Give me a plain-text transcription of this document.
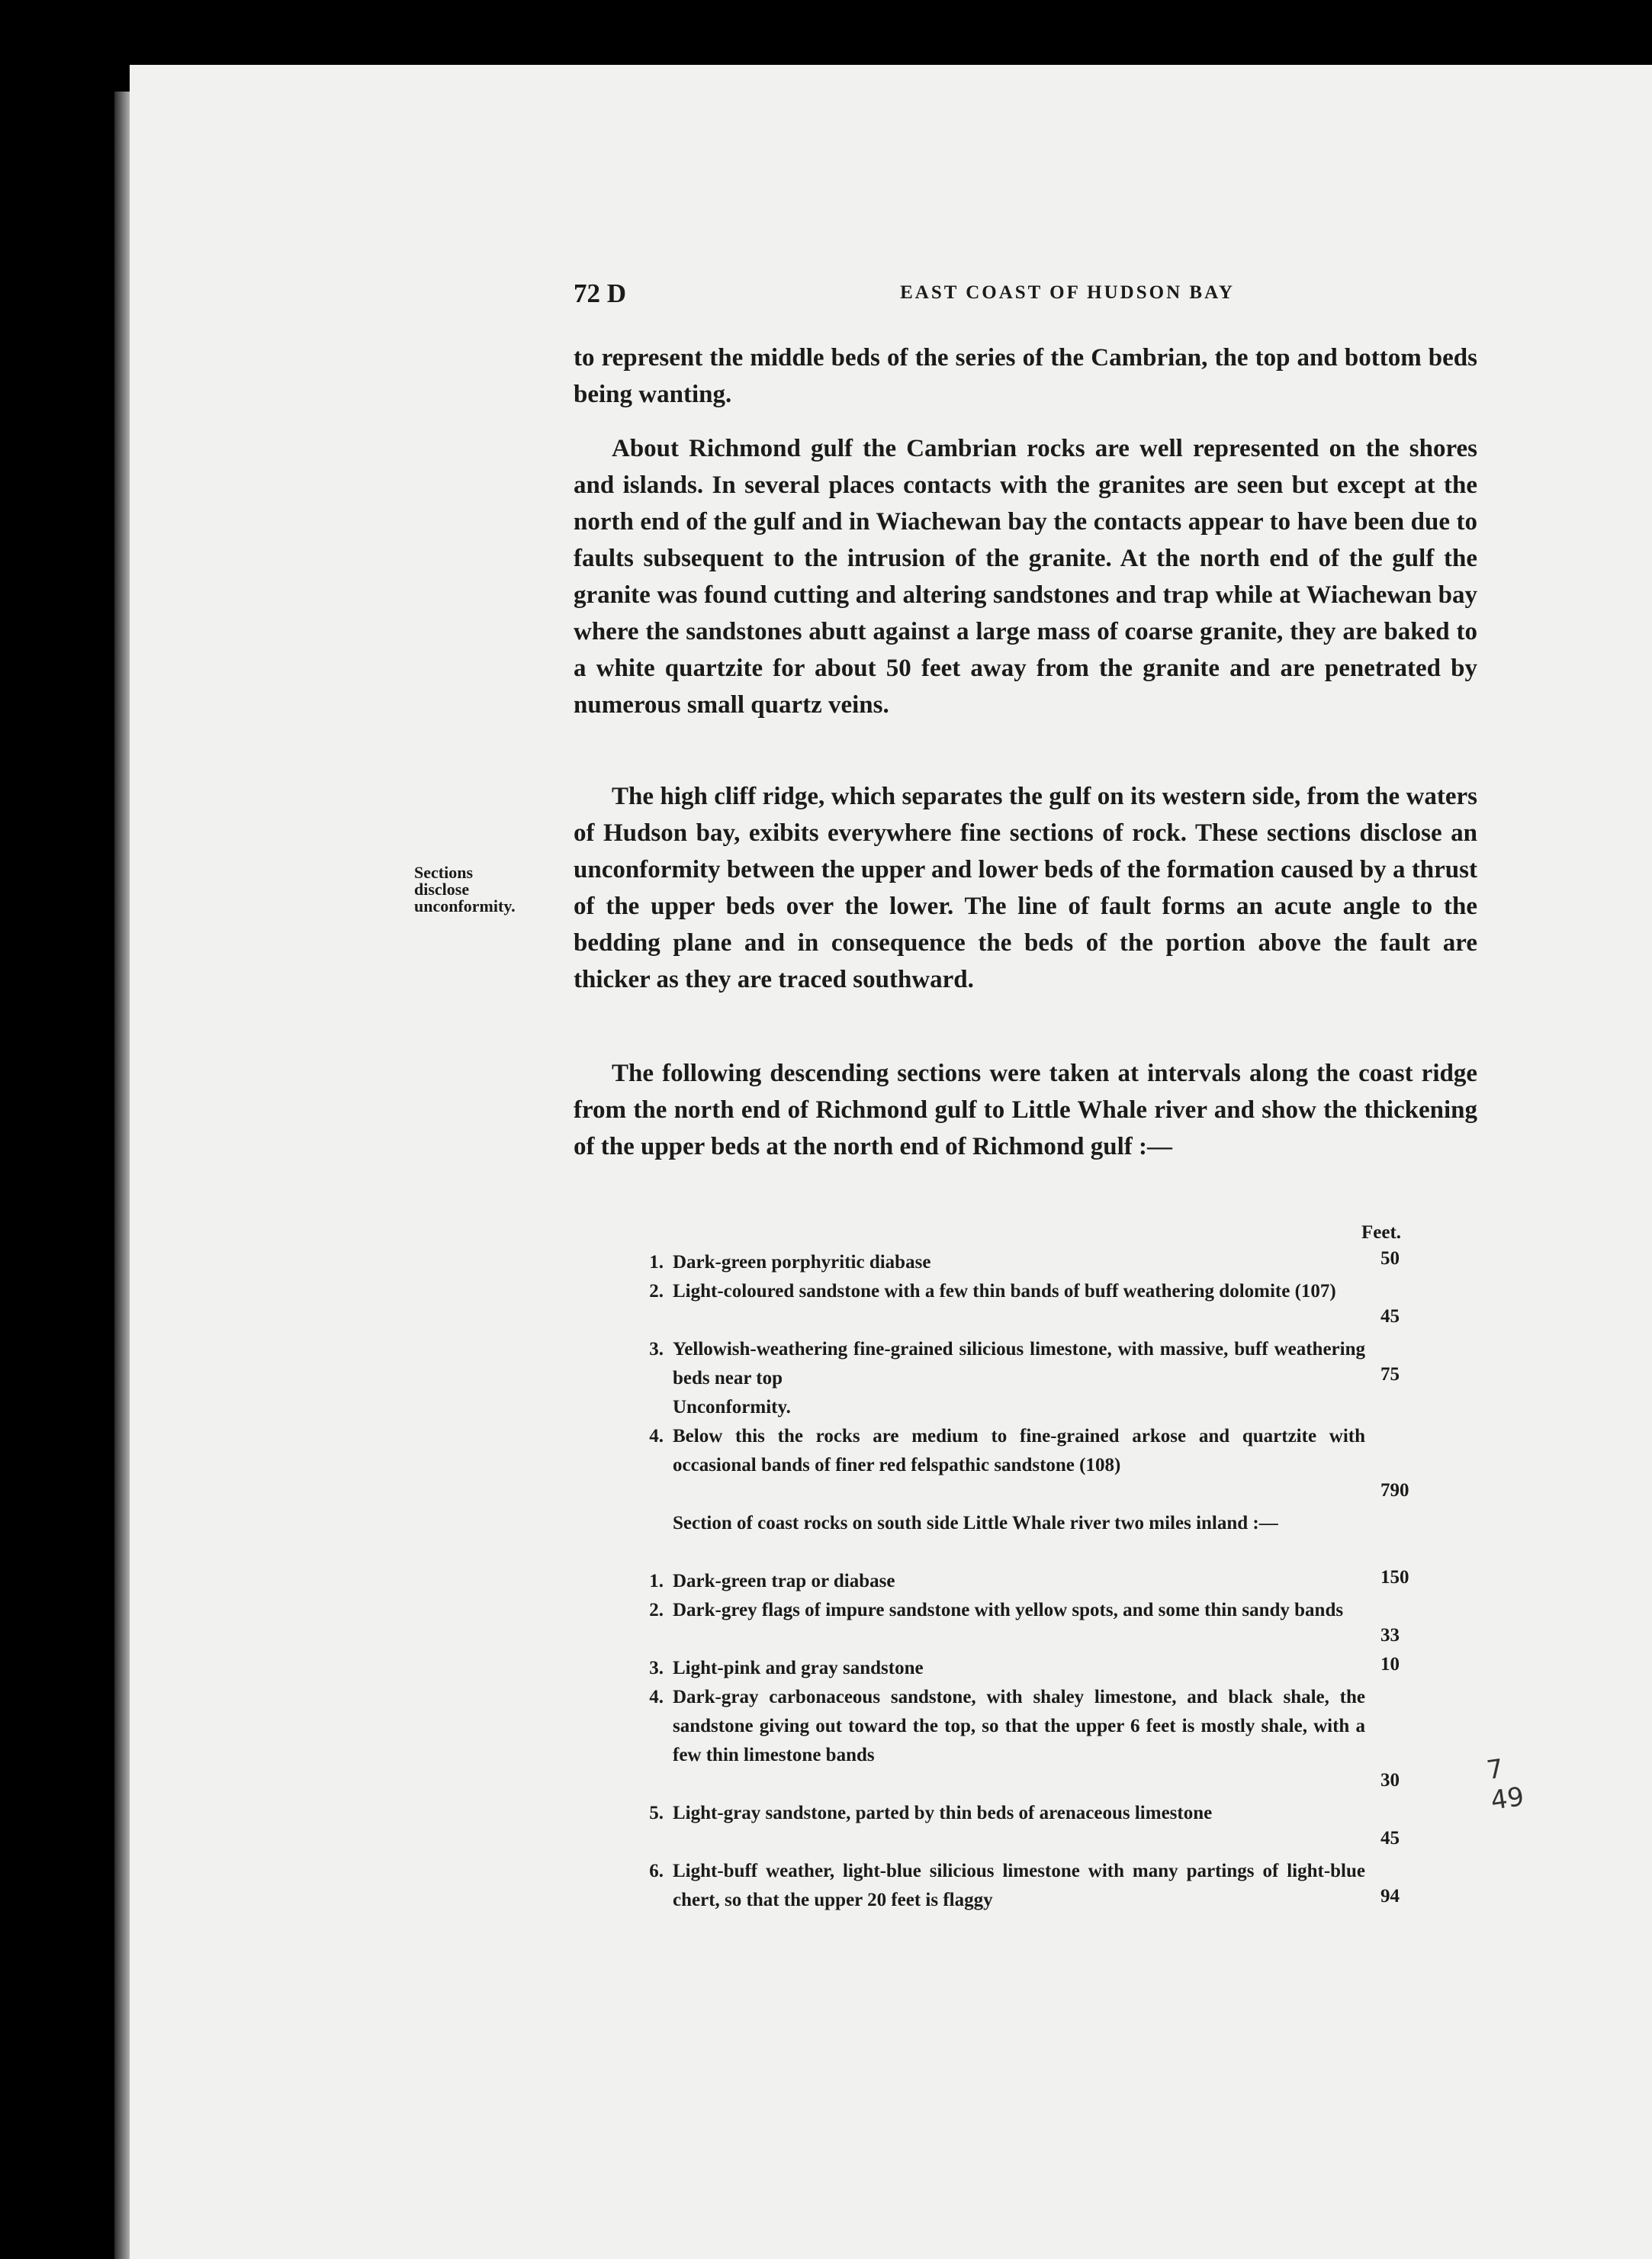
72 D	EAST COAST OF HUDSON BAY

to represent the middle beds of the series of the Cambrian, the top and bottom beds being wanting.

About Richmond gulf the Cambrian rocks are well represented on the shores and islands. In several places contacts with the granites are seen but except at the north end of the gulf and in Wiachewan bay the contacts appear to have been due to faults subsequent to the intrusion of the granite. At the north end of the gulf the granite was found cutting and altering sandstones and trap while at Wiachewan bay where the sandstones abutt against a large mass of coarse granite, they are baked to a white quartzite for about 50 feet away from the granite and are penetrated by numerous small quartz veins.

The high cliff ridge, which separates the gulf on its western side, from the waters of Hudson bay, exibits everywhere fine sections of rock. These sections disclose an unconformity between the upper and lower beds of the formation caused by a thrust of the upper beds over the lower. The line of fault forms an acute angle to the bedding plane and in consequence the beds of the portion above the fault are thicker as they are traced southward.

The following descending sections were taken at intervals along the coast ridge from the north end of Richmond gulf to Little Whale river and show the thickening of the upper beds at the north end of Richmond gulf :—

Sections
disclose
unconformity.
Feet.
1. Dark-green porphyritic diabase	50
2. Light-coloured sandstone with a few thin bands of buff weathering dolomite (107)
45
3. Yellowish-weathering fine-grained silicious limestone, with massive, buff weathering beds near top	75
Unconformity.
4. Below this the rocks are medium to fine-grained arkose and quartzite with occasional bands of finer red felspathic sandstone (108)
790
Section of coast rocks on south side Little Whale river two miles inland :—
1. Dark-green trap or diabase	150
2. Dark-grey flags of impure sandstone with yellow spots, and some thin sandy bands
33
3. Light-pink and gray sandstone	10
4. Dark-gray carbonaceous sandstone, with shaley limestone, and black shale, the sandstone giving out toward the top, so that the upper 6 feet is mostly shale, with a few thin limestone bands
30
5. Light-gray sandstone, parted by thin beds of arenaceous limestone
45
6. Light-buff weather, light-blue silicious limestone with many partings of light-blue chert, so that the upper 20 feet is flaggy	94
7
49
